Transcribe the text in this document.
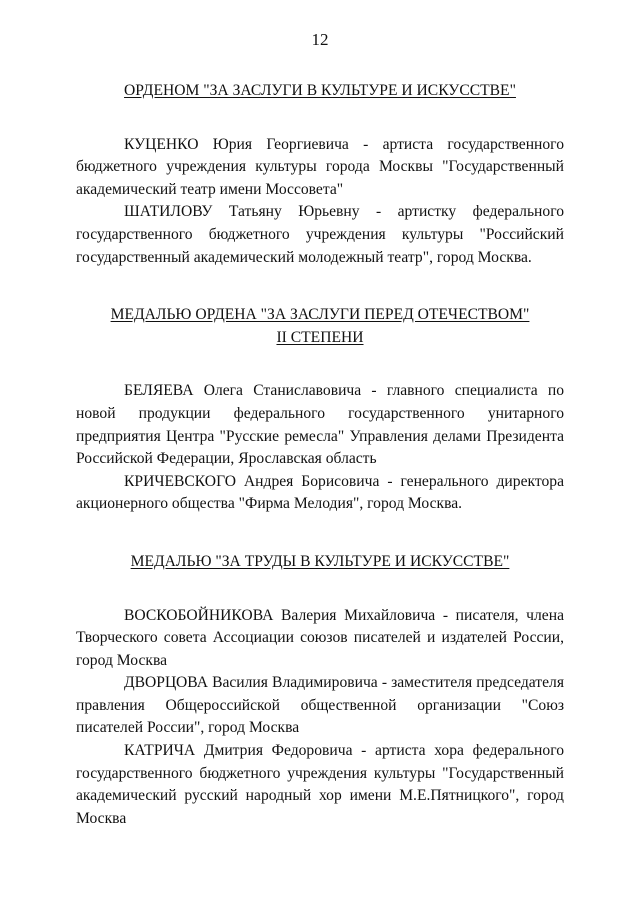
12

ОРДЕНОМ "ЗА ЗАСЛУГИ В КУЛЬТУРЕ И ИСКУССТВЕ"

КУЦЕНКО Юрия Георгиевича - артиста государственного бюджетного учреждения культуры города Москвы "Государственный академический театр имени Моссовета"

ШАТИЛОВУ Татьяну Юрьевну - артистку федерального государственного бюджетного учреждения культуры "Российский государственный академический молодежный театр", город Москва.

МЕДАЛЬЮ ОРДЕНА "ЗА ЗАСЛУГИ ПЕРЕД ОТЕЧЕСТВОМ"
II СТЕПЕНИ

БЕЛЯЕВА Олега Станиславовича - главного специалиста по новой продукции федерального государственного унитарного предприятия Центра "Русские ремесла" Управления делами Президента Российской Федерации, Ярославская область

КРИЧЕВСКОГО Андрея Борисовича - генерального директора акционерного общества "Фирма Мелодия", город Москва.

МЕДАЛЬЮ "ЗА ТРУДЫ В КУЛЬТУРЕ И ИСКУССТВЕ"

ВОСКОБОЙНИКОВА Валерия Михайловича - писателя, члена Творческого совета Ассоциации союзов писателей и издателей России, город Москва

ДВОРЦОВА Василия Владимировича - заместителя председателя правления Общероссийской общественной организации "Союз писателей России", город Москва

КАТРИЧА Дмитрия Федоровича - артиста хора федерального государственного бюджетного учреждения культуры "Государственный академический русский народный хор имени М.Е.Пятницкого", город Москва
